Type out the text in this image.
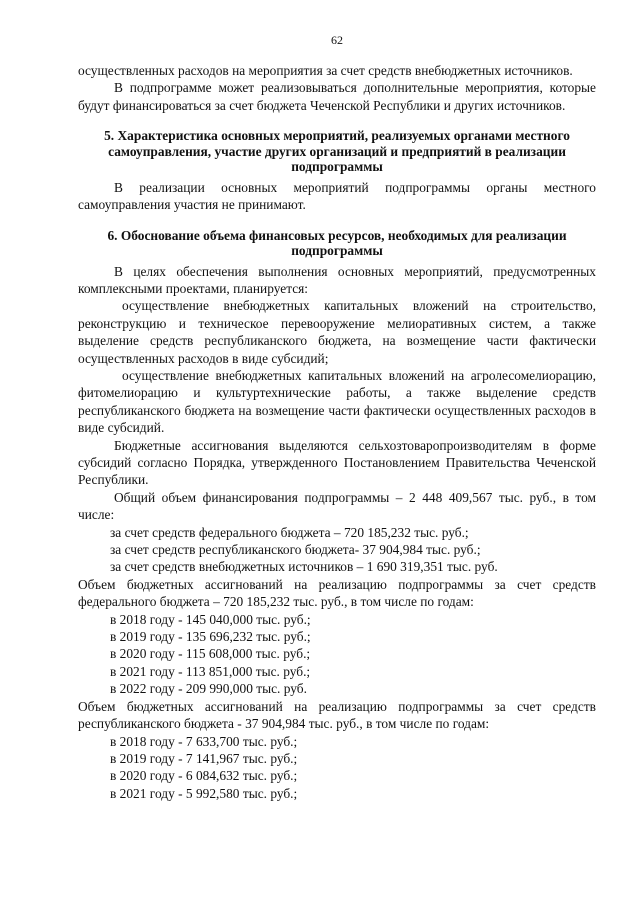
62

осуществленных расходов на мероприятия за счет средств внебюджетных источников.

В подпрограмме может реализовываться дополнительные мероприятия, которые будут финансироваться за счет бюджета Чеченской Республики и других источников.

5. Характеристика основных мероприятий, реализуемых органами местного самоуправления, участие других организаций и предприятий в реализации подпрограммы

В реализации основных мероприятий подпрограммы органы местного самоуправления участия не принимают.

6. Обоснование объема финансовых ресурсов, необходимых для реализации подпрограммы

В целях обеспечения выполнения основных мероприятий, предусмотренных комплексными проектами, планируется:

осуществление внебюджетных капитальных вложений на строительство, реконструкцию и техническое перевооружение мелиоративных систем, а также выделение средств республиканского бюджета, на возмещение части фактически осуществленных расходов в виде субсидий;

осуществление внебюджетных капитальных вложений на агролесомелиорацию, фитомелиорацию и культуртехнические работы, а также выделение средств республиканского бюджета на возмещение части фактически осуществленных расходов в виде субсидий.

Бюджетные ассигнования выделяются сельхозтоваропроизводителям в форме субсидий согласно Порядка, утвержденного Постановлением Правительства Чеченской Республики.

Общий объем финансирования подпрограммы – 2 448 409,567 тыс. руб., в том числе:

за счет средств федерального бюджета – 720 185,232 тыс. руб.;

за счет средств республиканского бюджета- 37 904,984 тыс. руб.;

за счет средств внебюджетных источников – 1 690 319,351 тыс. руб.

Объем бюджетных ассигнований на реализацию подпрограммы за счет средств федерального бюджета – 720 185,232 тыс. руб., в том числе по годам:

в 2018 году - 145 040,000 тыс. руб.;

в 2019 году - 135 696,232 тыс. руб.;

в 2020 году - 115 608,000 тыс. руб.;

в 2021 году - 113 851,000 тыс. руб.;

в 2022 году - 209 990,000 тыс. руб.

Объем бюджетных ассигнований на реализацию подпрограммы за счет средств республиканского бюджета - 37 904,984 тыс. руб., в том числе по годам:

в 2018 году - 7 633,700 тыс. руб.;

в 2019 году - 7 141,967 тыс. руб.;

в 2020 году - 6 084,632 тыс. руб.;

в 2021 году - 5 992,580 тыс. руб.;
